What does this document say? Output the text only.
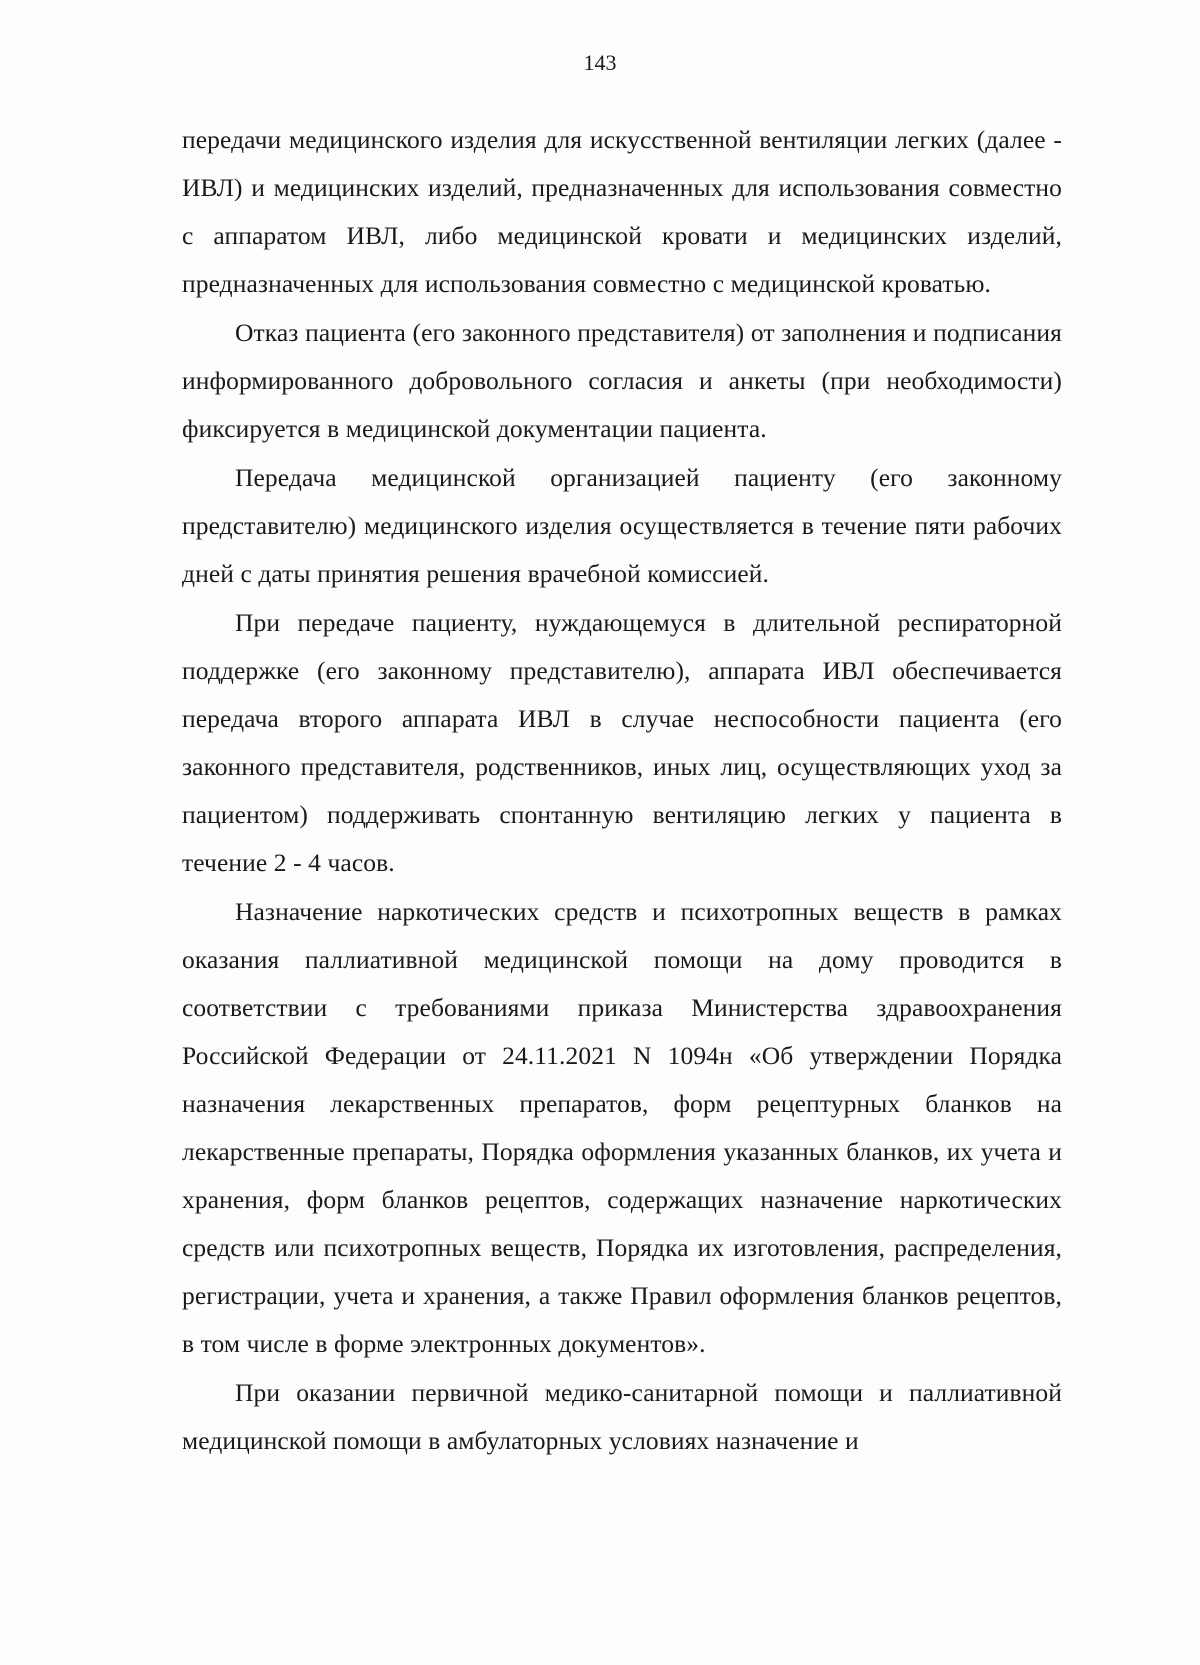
143

передачи медицинского изделия для искусственной вентиляции легких (далее - ИВЛ) и медицинских изделий, предназначенных для использования совместно с аппаратом ИВЛ, либо медицинской кровати и медицинских изделий, предназначенных для использования совместно с медицинской кроватью.

Отказ пациента (его законного представителя) от заполнения и подписания информированного добровольного согласия и анкеты (при необходимости) фиксируется в медицинской документации пациента.

Передача медицинской организацией пациенту (его законному представителю) медицинского изделия осуществляется в течение пяти рабочих дней с даты принятия решения врачебной комиссией.

При передаче пациенту, нуждающемуся в длительной респираторной поддержке (его законному представителю), аппарата ИВЛ обеспечивается передача второго аппарата ИВЛ в случае неспособности пациента (его законного представителя, родственников, иных лиц, осуществляющих уход за пациентом) поддерживать спонтанную вентиляцию легких у пациента в течение 2 - 4 часов.

Назначение наркотических средств и психотропных веществ в рамках оказания паллиативной медицинской помощи на дому проводится в соответствии с требованиями приказа Министерства здравоохранения Российской Федерации от 24.11.2021 N 1094н «Об утверждении Порядка назначения лекарственных препаратов, форм рецептурных бланков на лекарственные препараты, Порядка оформления указанных бланков, их учета и хранения, форм бланков рецептов, содержащих назначение наркотических средств или психотропных веществ, Порядка их изготовления, распределения, регистрации, учета и хранения, а также Правил оформления бланков рецептов, в том числе в форме электронных документов».

При оказании первичной медико-санитарной помощи и паллиативной медицинской помощи в амбулаторных условиях назначение и
